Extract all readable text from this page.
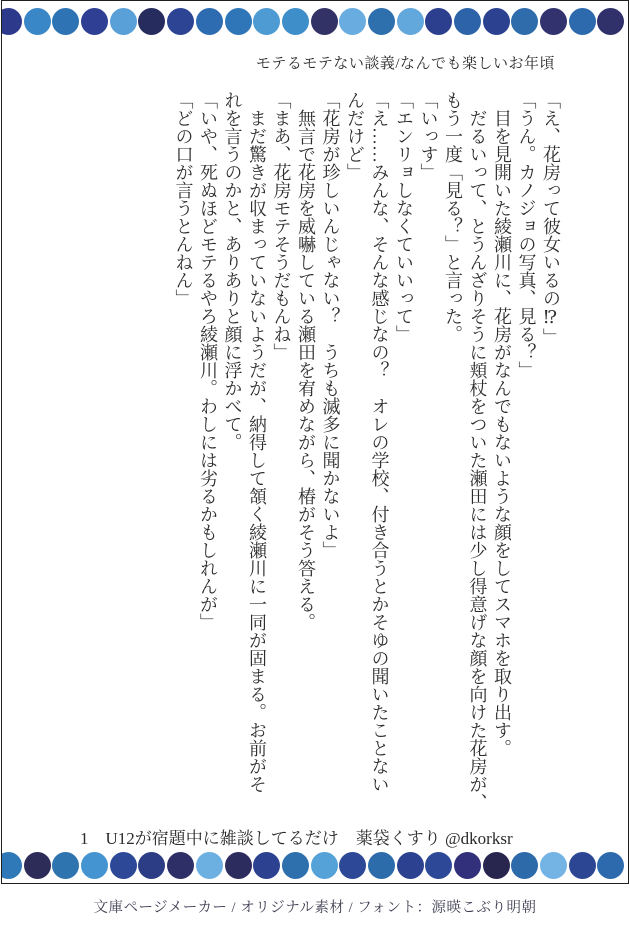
モテるモテない談義/なんでも楽しいお年頃
「え、花房って彼女いるの⁉」
「うん。カノジョの写真、見る？」
　目を見開いた綾瀬川に、花房がなんでもないような顔をしてスマホを取り出す。
　だるいって、とうんざりそうに頬杖をついた瀬田には少し得意げな顔を向けた花房が、
もう一度「見る？」と言った。
「いっす」
「エンリョしなくていいって」
「え……みんな、そんな感じなの？　オレの学校、付き合うとかそゆの聞いたことない
んだけど」
「花房が珍しいんじゃない？　うちも滅多に聞かないよ」
　無言で花房を威嚇している瀬田を宥めながら、椿がそう答える。
「まあ、花房モテそうだもんね」
　まだ驚きが収まっていないようだが、納得して頷く綾瀬川に一同が固まる。お前がそ
れを言うのかと、ありありと顔に浮かべて。
「いや、死ぬほどモテるやろ綾瀬川。わしには劣るかもしれんが」
「どの口が言うとんねん」
1 U12が宿題中に雑談してるだけ 薬袋くすり @dkorksr
文庫ページメーカー / オリジナル素材 / フォント：源暎こぶり明朝
